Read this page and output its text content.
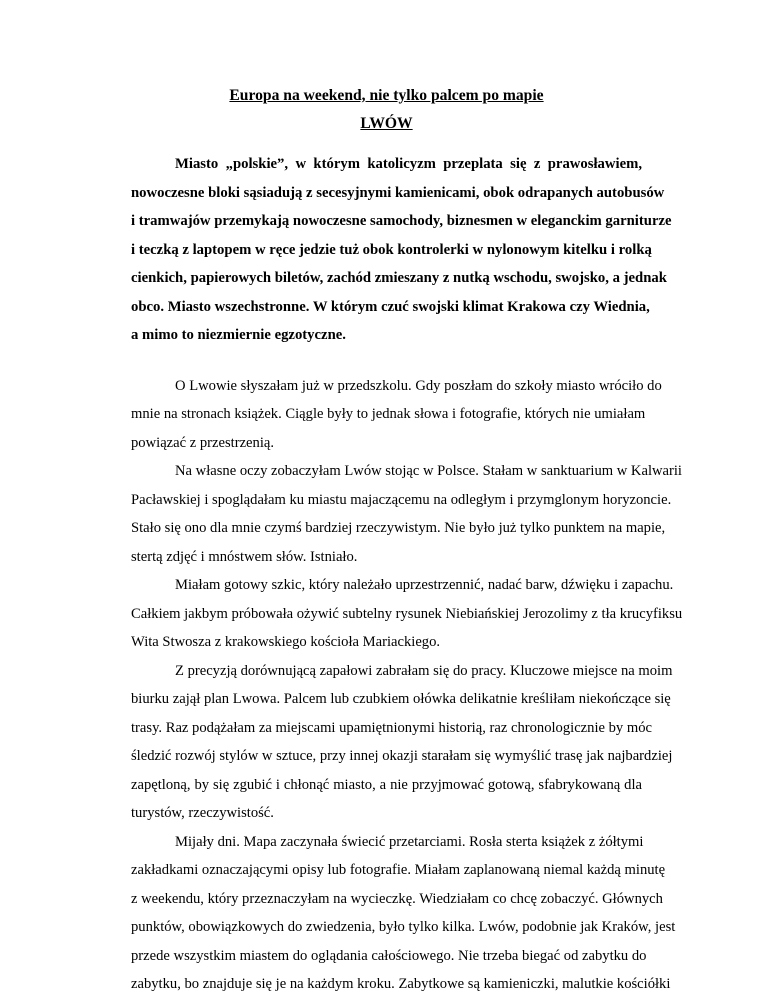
Europa na weekend, nie tylko palcem po mapie
LWÓW
Miasto „polskie”, w którym katolicyzm przeplata się z prawosławiem,
nowoczesne bloki sąsiadują z secesyjnymi kamienicami, obok odrapanych autobusów
i tramwajów przemykają nowoczesne samochody, biznesmen w eleganckim garniturze
i teczką z laptopem w ręce jedzie tuż obok kontrolerki w nylonowym kitelku i rolką
cienkich, papierowych biletów, zachód zmieszany z nutką wschodu, swojsko, a jednak
obco. Miasto wszechstronne. W którym czuć swojski klimat Krakowa czy Wiednia,
a mimo to niezmiernie egzotyczne.
O Lwowie słyszałam już w przedszkolu. Gdy poszłam do szkoły miasto wróciło do
mnie na stronach książek. Ciągle były to jednak słowa i fotografie, których nie umiałam
powiązać z przestrzenią.
Na własne oczy zobaczyłam Lwów stojąc w Polsce. Stałam w sanktuarium w Kalwarii
Pacławskiej i spoglądałam ku miastu majaczącemu na odległym i przymglonym horyzoncie.
Stało się ono dla mnie czymś bardziej rzeczywistym. Nie było już tylko punktem na mapie,
stertą zdjęć i mnóstwem słów. Istniało.
Miałam gotowy szkic, który należało uprzestrzennić, nadać barw, dźwięku i zapachu.
Całkiem jakbym próbowała ożywić subtelny rysunek Niebiańskiej Jerozolimy z tła krucyfiksu
Wita Stwosza z krakowskiego kościoła Mariackiego.
Z precyzją dorównującą zapałowi zabrałam się do pracy. Kluczowe miejsce na moim
biurku zajął plan Lwowa. Palcem lub czubkiem ołówka delikatnie kreśliłam niekończące się
trasy. Raz podążałam za miejscami upamiętnionymi historią, raz chronologicznie by móc
śledzić rozwój stylów w sztuce, przy innej okazji starałam się wymyślić trasę jak najbardziej
zapętloną, by się zgubić i chłonąć miasto, a nie przyjmować gotową, sfabrykowaną dla
turystów, rzeczywistość.
Mijały dni. Mapa zaczynała świecić przetarciami. Rosła sterta książek z żółtymi
zakładkami oznaczającymi opisy lub fotografie. Miałam zaplanowaną niemal każdą minutę
z weekendu, który przeznaczyłam na wycieczkę. Wiedziałam co chcę zobaczyć. Głównych
punktów, obowiązkowych do zwiedzenia, było tylko kilka. Lwów, podobnie jak Kraków, jest
przede wszystkim miastem do oglądania całościowego. Nie trzeba biegać od zabytku do
zabytku, bo znajduje się je na każdym kroku. Zabytkowe są kamieniczki, malutkie kościółki
